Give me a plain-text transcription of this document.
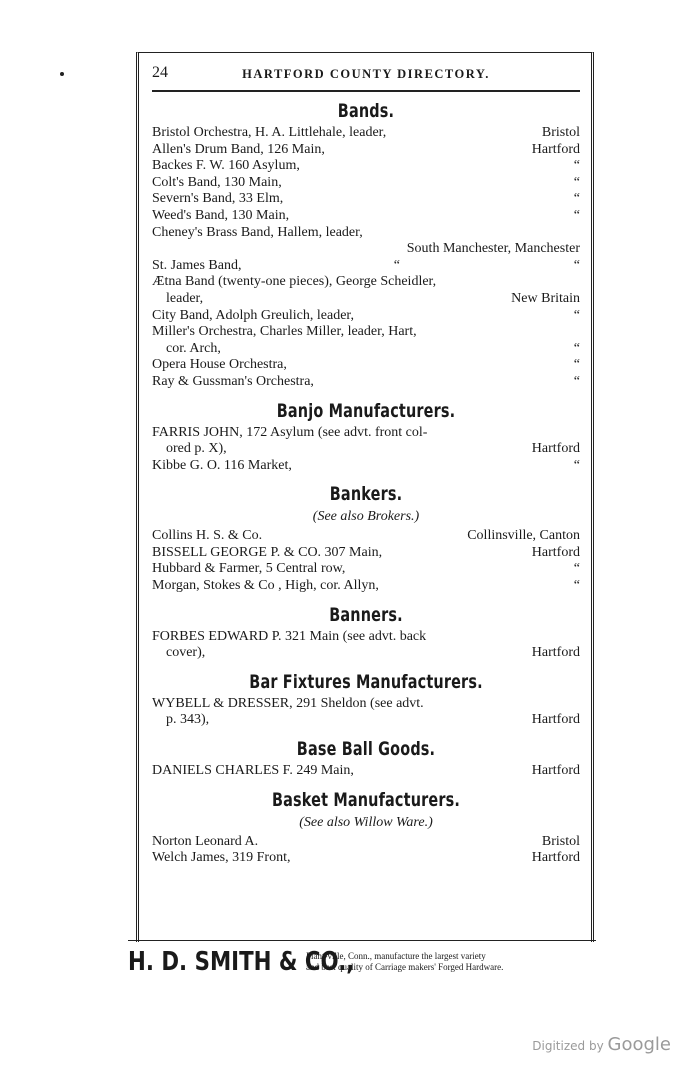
24	HARTFORD COUNTY DIRECTORY.
Bands.
Bristol Orchestra, H. A. Littlehale, leader,	Bristol
Allen's Drum Band, 126 Main,	Hartford
Backes F. W. 160 Asylum,	“
Colt's Band, 130 Main,	“
Severn's Band, 33 Elm,	“
Weed's Band, 130 Main,	“
Cheney's Brass Band, Hallem, leader,
South Manchester, Manchester
St. James Band,	“	“
Ætna Band (twenty-one pieces), George Scheidler,
leader,	New Britain
City Band, Adolph Greulich, leader,	“
Miller's Orchestra, Charles Miller, leader, Hart,
cor. Arch,	“
Opera House Orchestra,	“
Ray & Gussman's Orchestra,	“
Banjo Manufacturers.
FARRIS JOHN, 172 Asylum (see advt. front col-
ored p. X),	Hartford
Kibbe G. O. 116 Market,	“
Bankers.
(See also Brokers.)
Collins H. S. & Co.	Collinsville, Canton
BISSELL GEORGE P. & CO. 307 Main,	Hartford
Hubbard & Farmer, 5 Central row,	“
Morgan, Stokes & Co , High, cor. Allyn,	“
Banners.
FORBES EDWARD P. 321 Main (see advt. back
cover),	Hartford
Bar Fixtures Manufacturers.
WYBELL & DRESSER, 291 Sheldon (see advt.
p. 343),	Hartford
Base Ball Goods.
DANIELS CHARLES F. 249 Main,	Hartford
Basket Manufacturers.
(See also Willow Ware.)
Norton Leonard A.	Bristol
Welch James, 319 Front,	Hartford
H. D. SMITH & CO.,
Plant-ville, Conn., manufacture the largest variety
and best quality of Carriage makers' Forged Hardware.
Digitized by Google
